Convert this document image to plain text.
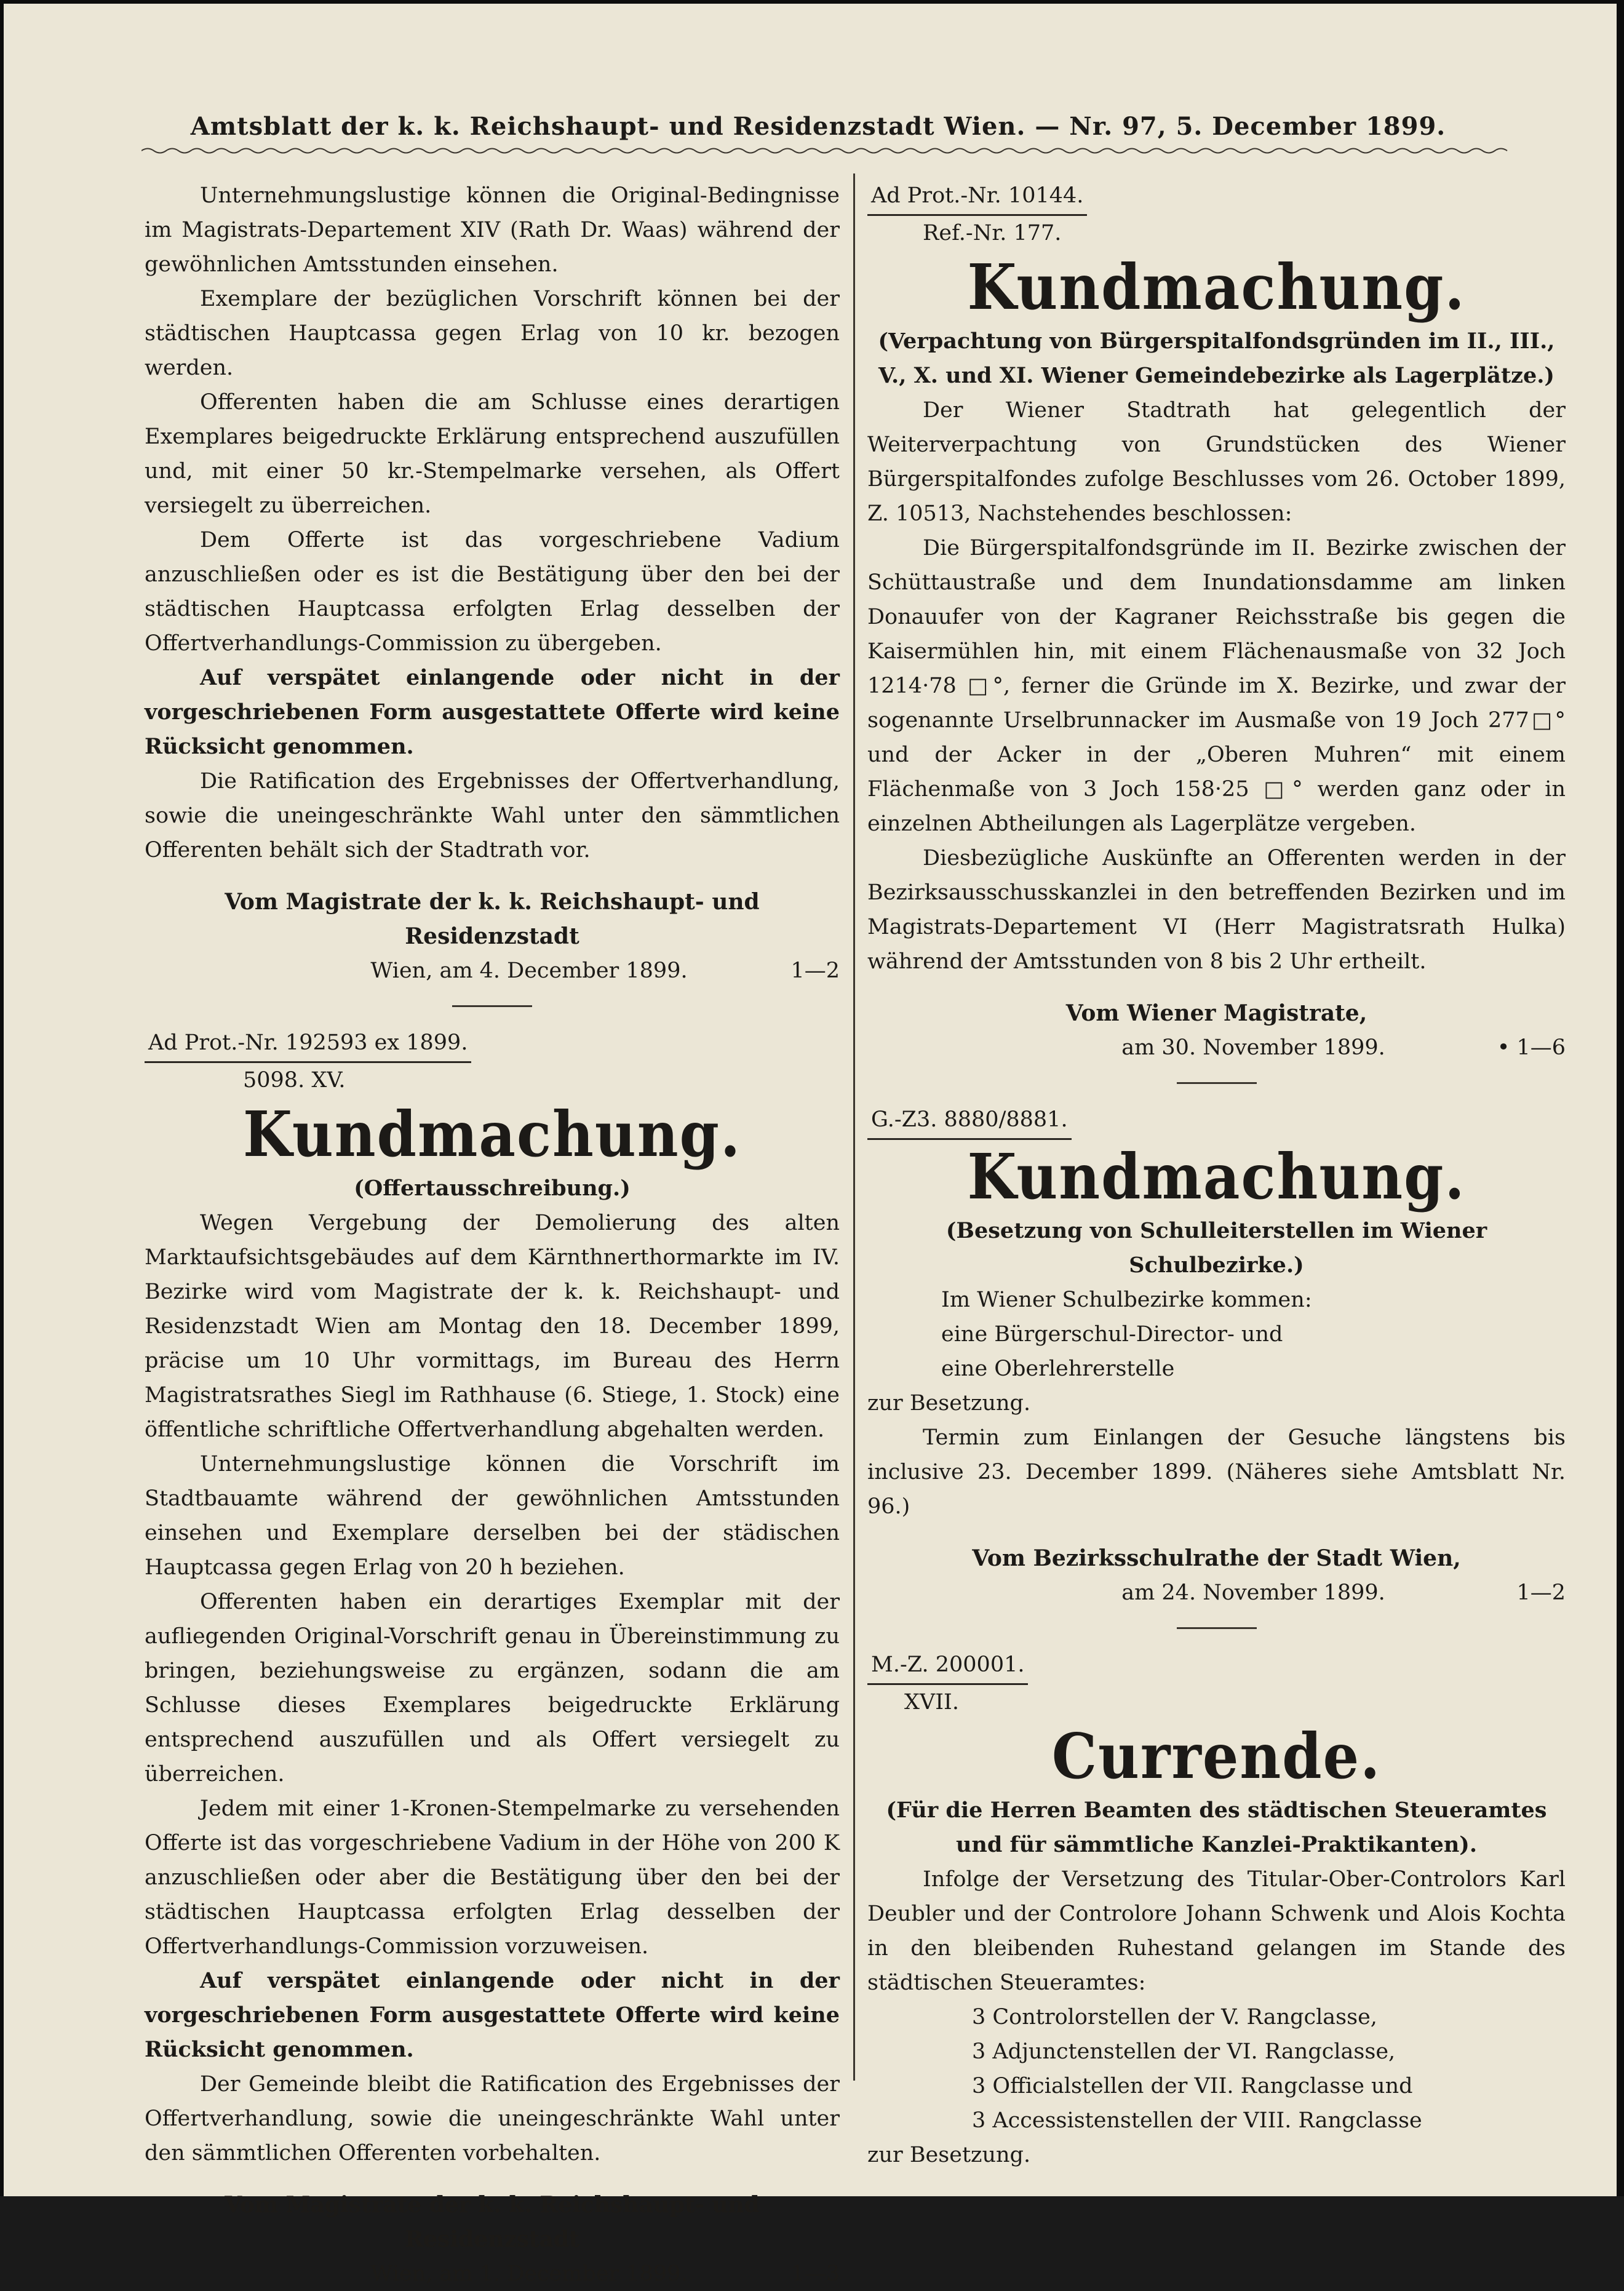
Amtsblatt der k. k. Reichshaupt- und Residenzstadt Wien. — Nr. 97, 5. December 1899.

Unternehmungslustige können die Original-Bedingnisse im Magistrats-Departement XIV (Rath Dr. Waas) während der gewöhnlichen Amtsstunden einsehen.

Exemplare der bezüglichen Vorschrift können bei der städtischen Hauptcassa gegen Erlag von 10 kr. bezogen werden.

Offerenten haben die am Schlusse eines derartigen Exemplares beigedruckte Erklärung entsprechend auszufüllen und, mit einer 50 kr.-Stempelmarke versehen, als Offert versiegelt zu überreichen.

Dem Offerte ist das vorgeschriebene Vadium anzuschließen oder es ist die Bestätigung über den bei der städtischen Hauptcassa erfolgten Erlag desselben der Offertverhandlungs-Commission zu übergeben.

Auf verspätet einlangende oder nicht in der vorgeschriebenen Form ausgestattete Offerte wird keine Rücksicht genommen.

Die Ratification des Ergebnisses der Offertverhandlung, sowie die uneingeschränkte Wahl unter den sämmtlichen Offerenten behält sich der Stadtrath vor.

Vom Magistrate der k. k. Reichshaupt- und Residenzstadt

Wien, am 4. December 1899.	1—2
Ad Prot.-Nr. 192593 ex 1899.
5098. XV.
Kundmachung.

(Offertausschreibung.)

Wegen Vergebung der Demolierung des alten Marktaufsichtsgebäudes auf dem Kärnthnerthormarkte im IV. Bezirke wird vom Magistrate der k. k. Reichshaupt- und Residenzstadt Wien am Montag den 18. December 1899, präcise um 10 Uhr vormittags, im Bureau des Herrn Magistratsrathes Siegl im Rathhause (6. Stiege, 1. Stock) eine öffentliche schriftliche Offertverhandlung abgehalten werden.

Unternehmungslustige können die Vorschrift im Stadtbauamte während der gewöhnlichen Amtsstunden einsehen und Exemplare derselben bei der städischen Hauptcassa gegen Erlag von 20 h beziehen.

Offerenten haben ein derartiges Exemplar mit der aufliegenden Original-Vorschrift genau in Übereinstimmung zu bringen, beziehungsweise zu ergänzen, sodann die am Schlusse dieses Exemplares beigedruckte Erklärung entsprechend auszufüllen und als Offert versiegelt zu überreichen.

Jedem mit einer 1-Kronen-Stempelmarke zu versehenden Offerte ist das vorgeschriebene Vadium in der Höhe von 200 K anzuschließen oder aber die Bestätigung über den bei der städtischen Hauptcassa erfolgten Erlag desselben der Offertverhandlungs-Commission vorzuweisen.

Auf verspätet einlangende oder nicht in der vorgeschriebenen Form ausgestattete Offerte wird keine Rücksicht genommen.

Der Gemeinde bleibt die Ratification des Ergebnisses der Offertverhandlung, sowie die uneingeschränkte Wahl unter den sämmtlichen Offerenten vorbehalten.

Vom Magistrate der k. k. Reichshaupt- und Residenzstadt

Wien, am 1. December 1899.	1—3
Ad Prot.-Nr. 10144.
Ref.-Nr. 177.
Kundmachung.

(Verpachtung von Bürgerspitalfondsgründen im II., III., V., X. und XI. Wiener Gemeindebezirke als Lagerplätze.)

Der Wiener Stadtrath hat gelegentlich der Weiterverpachtung von Grundstücken des Wiener Bürgerspitalfondes zufolge Beschlusses vom 26. October 1899, Z. 10513, Nachstehendes beschlossen:

Die Bürgerspitalfondsgründe im II. Bezirke zwischen der Schüttaustraße und dem Inundationsdamme am linken Donauufer von der Kagraner Reichsstraße bis gegen die Kaisermühlen hin, mit einem Flächenausmaße von 32 Joch 1214·78 □°, ferner die Gründe im X. Bezirke, und zwar der sogenannte Urselbrunnacker im Ausmaße von 19 Joch 277□° und der Acker in der „Oberen Muhren“ mit einem Flächenmaße von 3 Joch 158·25 □° werden ganz oder in einzelnen Abtheilungen als Lagerplätze vergeben.

Diesbezügliche Auskünfte an Offerenten werden in der Bezirksausschusskanzlei in den betreffenden Bezirken und im Magistrats-Departement VI (Herr Magistratsrath Hulka) während der Amtsstunden von 8 bis 2 Uhr ertheilt.

Vom Wiener Magistrate,

am 30. November 1899.	• 1—6
G.-Z3. 8880/8881.
Kundmachung.

(Besetzung von Schulleiterstellen im Wiener Schulbezirke.)

Im Wiener Schulbezirke kommen:

eine Bürgerschul-Director- und

eine Oberlehrerstelle

zur Besetzung.

Termin zum Einlangen der Gesuche längstens bis inclusive 23. December 1899. (Näheres siehe Amtsblatt Nr. 96.)

Vom Bezirksschulrathe der Stadt Wien,

am 24. November 1899.	1—2
M.-Z. 200001.
XVII.
Currende.

(Für die Herren Beamten des städtischen Steueramtes und für sämmtliche Kanzlei-Praktikanten).

Infolge der Versetzung des Titular-Ober-Controlors Karl Deubler und der Controlore Johann Schwenk und Alois Kochta in den bleibenden Ruhestand gelangen im Stande des städtischen Steueramtes:

3 Controlorstellen der V. Rangclasse,

3 Adjunctenstellen der VI. Rangclasse,

3 Officialstellen der VII. Rangclasse und

3 Accessistenstellen der VIII. Rangclasse

zur Besetzung.
